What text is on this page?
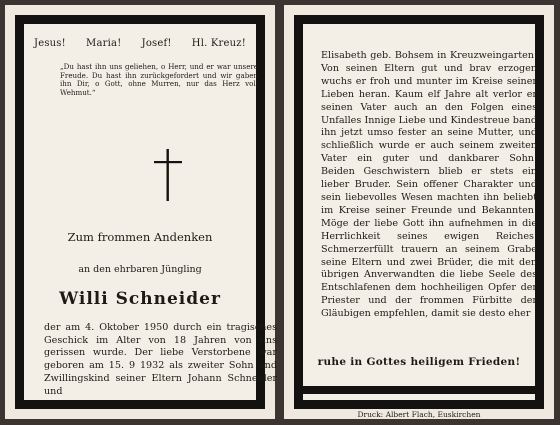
Jesus! Maria! Josef! Hl. Kreuz!
„Du hast ihn uns geliehen, o Herr, und er war unsere Freude. Du hast ihn zurückgefordert und wir gaben ihn Dir, o Gott, ohne Murren, nur das Herz voll Wehmut.“
Zum frommen Andenken
an den ehrbaren Jüngling
Willi Schneider
der am 4. Oktober 1950 durch ein tragisches Geschick im Alter von 18 Jahren von uns gerissen wurde. Der liebe Verstorbene war geboren am 15. 9 1932 als zweiter Sohn und Zwillingskind seiner Eltern Johann Schneider und
Elisabeth geb. Bohsem in Kreuzweingarten. Von seinen Eltern gut und brav erzogen wuchs er froh und munter im Kreise seiner Lieben heran. Kaum elf Jahre alt verlor er seinen Vater auch an den Folgen eines Unfalles Innige Liebe und Kindestreue band ihn jetzt umso fester an seine Mutter, und schließlich wurde er auch seinem zweiten Vater ein guter und dankbarer Sohn. Beiden Geschwistern blieb er stets ein lieber Bruder. Sein offener Charakter und sein liebevolles Wesen machten ihn beliebt im Kreise seiner Freunde und Bekannten. Möge der liebe Gott ihn aufnehmen in die Herrlichkeit seines ewigen Reiches. Schmerzerfüllt trauern an seinem Grabe seine Eltern und zwei Brüder, die mit den übrigen Anverwandten die liebe Seele des Entschlafenen dem hochheiligen Opfer der Priester und der frommen Fürbitte der Gläubigen empfehlen, damit sie desto eher
ruhe in Gottes heiligem Frieden!
Druck: Albert Flach, Euskirchen
